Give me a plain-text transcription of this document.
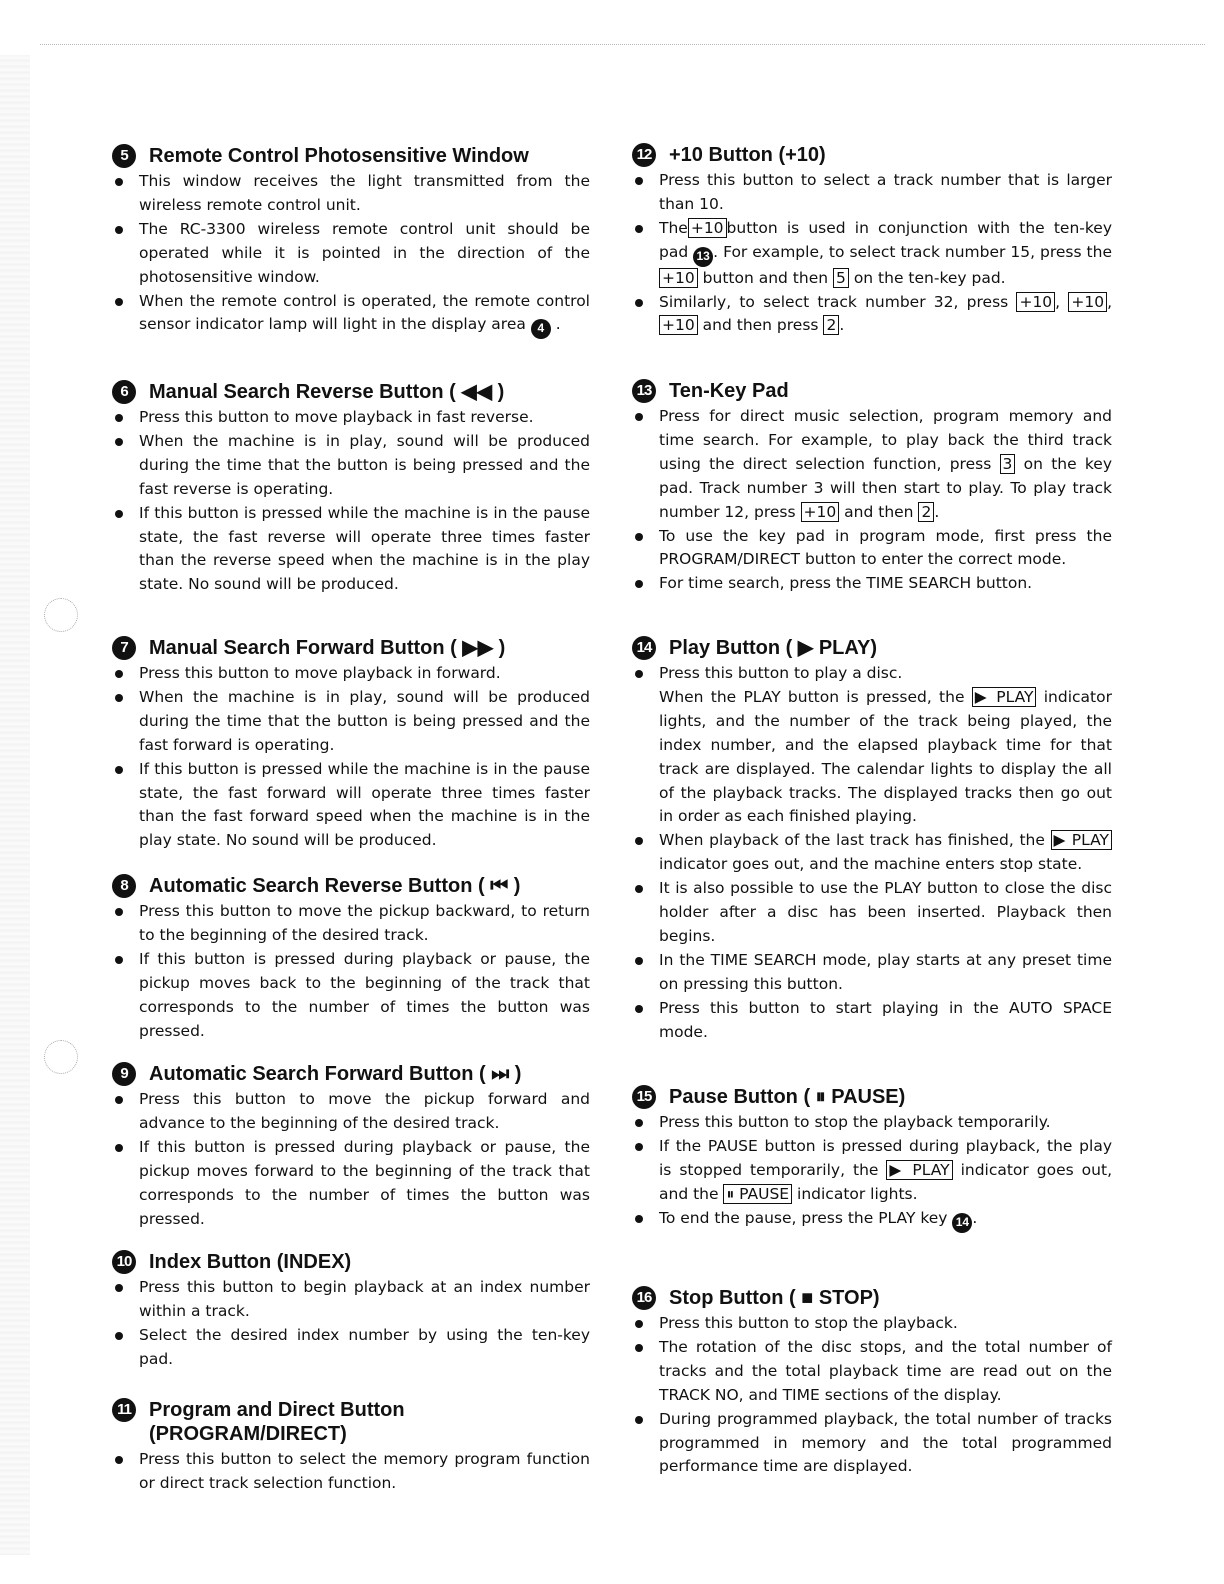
5	Remote Control Photosensitive Window
This window receives the light transmitted from the wireless remote control unit.
The RC-3300 wireless remote control unit should be operated while it is pointed in the direction of the photosensitive window.
When the remote control is operated, the remote control sensor indicator lamp will light in the display area 4 .
6	Manual Search Reverse Button ( ◀◀ )
Press this button to move playback in fast reverse.
When the machine is in play, sound will be produced during the time that the button is being pressed and the fast reverse is operating.
If this button is pressed while the machine is in the pause state, the fast reverse will operate three times faster than the reverse speed when the machine is in the play state. No sound will be produced.
7	Manual Search Forward Button ( ▶▶ )
Press this button to move playback in forward.
When the machine is in play, sound will be produced during the time that the button is being pressed and the fast forward is operating.
If this button is pressed while the machine is in the pause state, the fast forward will operate three times faster than the fast forward speed when the machine is in the play state. No sound will be produced.
8	Automatic Search Reverse Button ( ⏮ )
Press this button to move the pickup backward, to return to the beginning of the desired track.
If this button is pressed during playback or pause, the pickup moves back to the beginning of the track that corresponds to the number of times the button was pressed.
9	Automatic Search Forward Button ( ⏭ )
Press this button to move the pickup forward and advance to the beginning of the desired track.
If this button is pressed during playback or pause, the pickup moves forward to the beginning of the track that corresponds to the number of times the button was pressed.
10 Index Button (INDEX)
Press this button to begin playback at an index number within a track.
Select the desired index number by using the ten-key pad.
11 Program and Direct Button
(PROGRAM/DIRECT)
Press this button to select the memory program function or direct track selection function.
12 +10 Button (+10)
Press this button to select a track number that is larger than 10.
The +10 button is used in conjunction with the ten-key pad 13 . For example, to select track number 15, press the +10 button and then 5 on the ten-key pad.
Similarly, to select track number 32, press +10 , +10 , +10 and then press 2 .
13 Ten-Key Pad
Press for direct music selection, program memory and time search. For example, to play back the third track using the direct selection function, press 3 on the key pad. Track number 3 will then start to play. To play track number 12, press +10 and then 2 .
To use the key pad in program mode, first press the PROGRAM/DIRECT button to enter the correct mode.
For time search, press the TIME SEARCH button.
14 Play Button ( ▶ PLAY)
Press this button to play a disc.
When the PLAY button is pressed, the ▶ PLAY indicator lights, and the number of the track being played, the index number, and the elapsed playback time for that track are displayed. The calendar lights to display the all of the playback tracks. The displayed tracks then go out in order as each finished playing.
When playback of the last track has finished, the ▶ PLAY indicator goes out, and the machine enters stop state.
It is also possible to use the PLAY button to close the disc holder after a disc has been inserted. Playback then begins.
In the TIME SEARCH mode, play starts at any preset time on pressing this button.
Press this button to start playing in the AUTO SPACE mode.
15 Pause Button ( ⏸ PAUSE)
Press this button to stop the playback temporarily.
If the PAUSE button is pressed during playback, the play is stopped temporarily, the ▶ PLAY indicator goes out, and the ⏸ PAUSE indicator lights.
To end the pause, press the PLAY key 14 .
16 Stop Button ( ■ STOP)
Press this button to stop the playback.
The rotation of the disc stops, and the total number of tracks and the total playback time are read out on the TRACK NO, and TIME sections of the display.
During programmed playback, the total number of tracks programmed in memory and the total programmed performance time are displayed.
